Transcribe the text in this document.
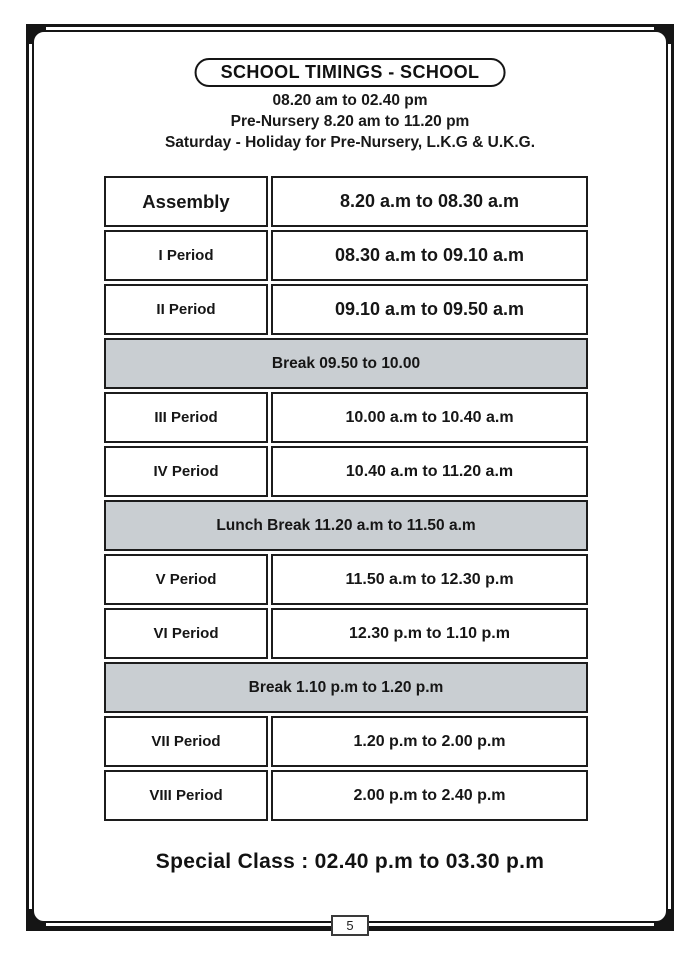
SCHOOL TIMINGS - SCHOOL
08.20 am to 02.40 pm
Pre-Nursery 8.20 am to 11.20 pm
Saturday - Holiday for Pre-Nursery, L.K.G & U.K.G.
Assembly	8.20 a.m to 08.30 a.m
I Period	08.30 a.m to 09.10 a.m
II Period	09.10 a.m to 09.50 a.m
Break 09.50 to 10.00	
III Period	10.00 a.m to 10.40 a.m
IV Period	10.40 a.m to 11.20 a.m
Lunch Break 11.20 a.m to 11.50 a.m	
V Period	11.50 a.m to 12.30 p.m
VI Period	12.30 p.m to 1.10 p.m
Break 1.10 p.m to 1.20 p.m	
VII Period	1.20 p.m to 2.00 p.m
VIII Period	2.00 p.m to 2.40 p.m
Special Class : 02.40 p.m to 03.30 p.m
5
